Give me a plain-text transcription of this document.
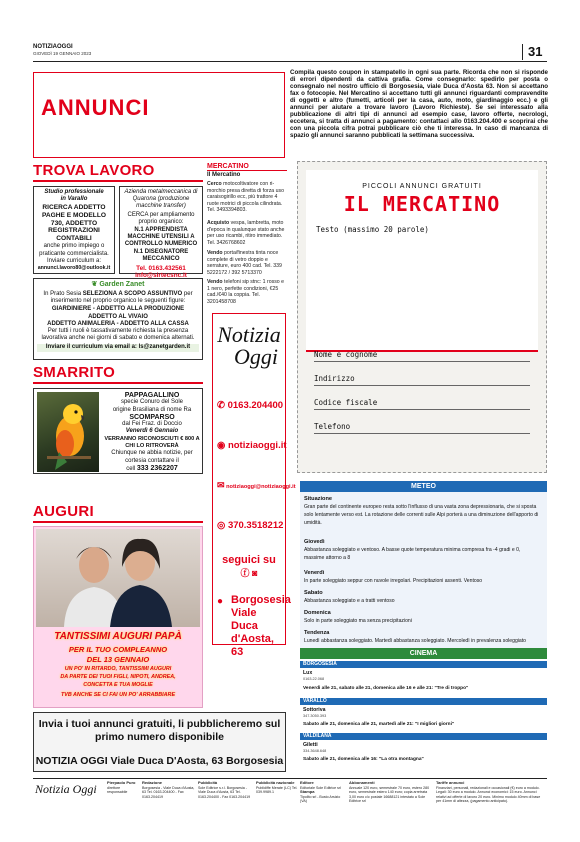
NOTIZIAOGGI
GIOVEDÌ 19 GENNAIO 2023	31
ANNUNCI
Compila questo coupon in stampatello in ogni sua parte. Ricorda che non si risponde di errori dipendenti da cattiva grafia. Come consegnarlo: spedirlo per posta o consegnalo nel nostro ufficio di Borgosesia, viale Duca d'Aosta 63. Non si accettano fax o fotocopie. Nel Mercatino si accettano tutti gli annunci riguardanti compravendite di oggetti e altro (fumetti, articoli per la casa, auto, moto, giardinaggio ecc.) e gli annunci per aiutare a trovare lavoro (Lavoro Richieste). Se sei interessato alla pubblicazione di altri tipi di annunci ad esempio case, lavoro offerte, necrologi, eccetera, si tratta di annunci a pagamento: contattaci allo 0163.204.400 e scoprirai che con una piccola cifra potrai pubblicare ciò che ti interessa. In caso di mancanza di spazio gli annunci saranno pubblicati la settimana successiva.
TROVA LAVORO
Studio professionale
in Varallo
RICERCA ADDETTO PAGHE E MODELLO 730, ADDETTO REGISTRAZIONI CONTABILI
anche primo impiego o praticante commercialista.
Inviare curriculum a:
annunci.lavoro80@outlook.it
Azienda metalmeccanica di Quarona (produzione macchine transfer)
CERCA per ampliamento proprio organico:
N.1 APPRENDISTA MACCHINE UTENSILI A CONTROLLO NUMERICO
N.1 DISEGNATORE MECCANICO
Tel. 0163.432561
info@sirtecsnc.it
❦ Garden Zanet
In Prato Sesia SELEZIONA A SCOPO ASSUNTIVO per inserimento nel proprio organico le seguenti figure:
GIARDINIERE - ADDETTO ALLA PRODUZIONE ADDETTO AL VIVAIO
ADDETTO ANIMALERIA - ADDETTO ALLA CASSA
Per tutti i ruoli è tassativamente richiesta la presenza lavorativa anche nei giorni di sabato e domenica alternati.
Inviare il curriculum via email a: ls@zanetgarden.it
MERCATINO
Il Mercatino
Cerco motocoltivatore con ri-morchio presa diretta di forza uso caraisogirillo ecc, più trattore 4 ruote motrici di piccola cilindrata. Tel. 3493394803.
Acquisto vespa, lambretta, moto d'epoca in qualunque stato anche per uso ricambi, ritiro immediato. Tel. 3426768602
Vendo porta/finestra tinta noce complete di vetro doppio e serrature, euro 400 cad. Tel. 339 5222172 / 392 5713370
Vendo telefoni sip stnc: 1 rosso e 1 nero, perfette condizioni, €25 cad./€40 la coppia. Tel. 3201458708
PICCOLI ANNUNCI GRATUITI
IL MERCATINO
Testo (massimo 20 parole)
Nome e cognome
Indirizzo
Codice fiscale
Telefono
Notizia
Oggi
✆ 0163.204400
◉ notiziaoggi.it
✉ notiziaoggi@notiziaoggi.it
◎ 370.3518212
seguici su
ⓕ ◙
● Borgosesia Viale Duca d'Aosta, 63
SMARRITO
PAPPAGALLINO
specie Conuro del Sole
origine Brasiliana di nome Ra
SCOMPARSO
dal Fei Fraz. di Doccio
Venerdì 6 Gennaio
VERRANNO RICONOSCIUTI € 800 A CHI LO RITROVERÀ
Chiunque ne abbia notizie, per cortesia contattare il
cell 333 2362207
AUGURI
TANTISSIMI AUGURI PAPÀ
PER IL TUO COMPLEANNO
DEL 13 GENNAIO
UN PO' IN RITARDO, TANTISSIMI AUGURI
DA PARTE DEI TUOI FIGLI, NIPOTI, ANDREA,
CONCETTA E TUA MOGLIE
TVB ANCHE SE CI FAI UN PO' ARRABBIARE
Invia i tuoi annunci gratuiti, li pubblicheremo sul primo numero disponibile
NOTIZIA OGGI Viale Duca D'Aosta, 63 Borgosesia
METEO
Situazione
Gran parte del continente europeo resta sotto l'influsso di una vasta zona depressionaria, che si sposta solo lentamente verso est. La rotazione delle correnti sulle Alpi porterà a una diminuzione dell'apporto di umidità.
Giovedì
Abbastanza soleggiato e ventoso. A basse quote temperatura minima compresa fra -4 gradi e 0, massime attorno a 8
Venerdì
In parte soleggiato seppur con nuvole irregolari. Precipitazioni assenti. Ventoso
Sabato
Abbastanza soleggiato e a tratti ventoso
Domenica
Solo in parte soleggiato ma senza precipitazioni
Tendenza
Lunedì abbastanza soleggiato. Martedì abbastanza soleggiato. Mercoledì in prevalenza soleggiato
CINEMA
BORGOSESIA
Lux
0163.22.068
Venerdì alle 21, sabato alle 21, domenica alle 16 e alle 21: "Tre di troppo"
VARALLO
Sottoriva
347.3050.393
Sabato alle 21, domenica alle 21, martedì alle 21: "I migliori giorni"
VALDILANA
Giletti
334.3648.648
Sabato alle 21, domenica alle 16: "La otra montagna"
Notizia Oggi	Pierpaolo Puro
direttore responsabile
Redazione
Borgosesia - Viale Duca d'Aosta, 63 Tel. 0163.204400 - Fax 0163.204419
Pubblicità
Sole Editrice s.r.l. Borgosesia - Viale Duca d'Aosta, 63 Tel. 0163.204400 - Fax 0163.204419
Pubblicità nazionale
Publidiffe Merate (LC) Tel. 039.9989.1
Editore
Editoriale Sole Editrice srl
Stampa
Tipolito srl - Busto Arsizio (VA)
Abbonamenti
Annuale 120 euro, semestrale 70 euro, estero 280 euro, semestrale estero 140 euro; copia arretrata 3,00 euro c/c postale 16688121 intestato a Sole Editrice srl
Tariffe annunci
Finanziari, personali, redazionali e occasionali (€) euro a modulo. Legali: 30 euro a modulo. Annunci economici: 15 euro. Annunci relativi ad offerte di lavoro 20 euro. Minimo modulo 40mm di base per 41mm di altezza, (pagamento anticipato).
